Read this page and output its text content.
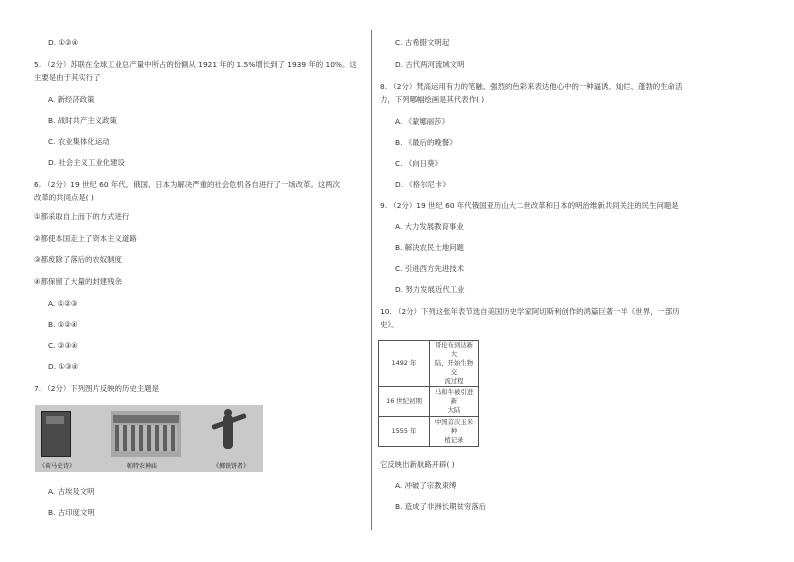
D. ①②④
5. （2分）苏联在全球工业总产量中所占的份额从 1921 年的 1.5%增长到了 1939 年的 10%。这
主要是由于其实行了
A. 新经济政策
B. 战时共产主义政策
C. 农业集体化运动
D. 社会主义工业化建设
6. （2分）19 世纪 60 年代，俄国、日本为解决严重的社会危机各自进行了一场改革。这两次
改革的共同点是( )
①都采取自上而下的方式进行
②都使本国走上了资本主义道路
③都废除了落后的农奴制度
④都保留了大量的封建残余
A. ①②③
B. ①②④
C. ②③④
D. ①③④
7. （2分）下列图片反映的历史主题是
《荷马史诗》	帕特农神庙	《掷铁饼者》
A. 古埃及文明
B. 古印度文明
C. 古希腊文明起
D. 古代两河流域文明
8. （2分）梵高运用有力的笔触、强烈的色彩来表达他心中的一种逼诱、灿烂、蓬勃的生命活
力，下列哪幅绘画是其代表作( )
A. 《蒙娜丽莎》
B. 《最后的晚餐》
C. 《向日葵》
D. 《格尔尼卡》
9. （2分）19 世纪 60 年代俄国亚历山大二世改革和日本的明治维新共同关注的民生问题是
A. 大力发展教育事业
B. 解决农民土地问题
C. 引进西方先进技术
D. 努力发展近代工业
10. （2分）下列这张年表节选自美国历史学家阿切斯利创作的鸿篇巨著一半《世界，一部历
史》。
1492 年	哥伦布到达新大
陆，开始生物交
流过程

16 世纪初期	马和牛被引进新
大陆

1555 年	中国首次玉米种
植记录
它反映出新航路开辟( )
A. 冲破了宗教束缚
B. 造成了非洲长期贫穷落后
